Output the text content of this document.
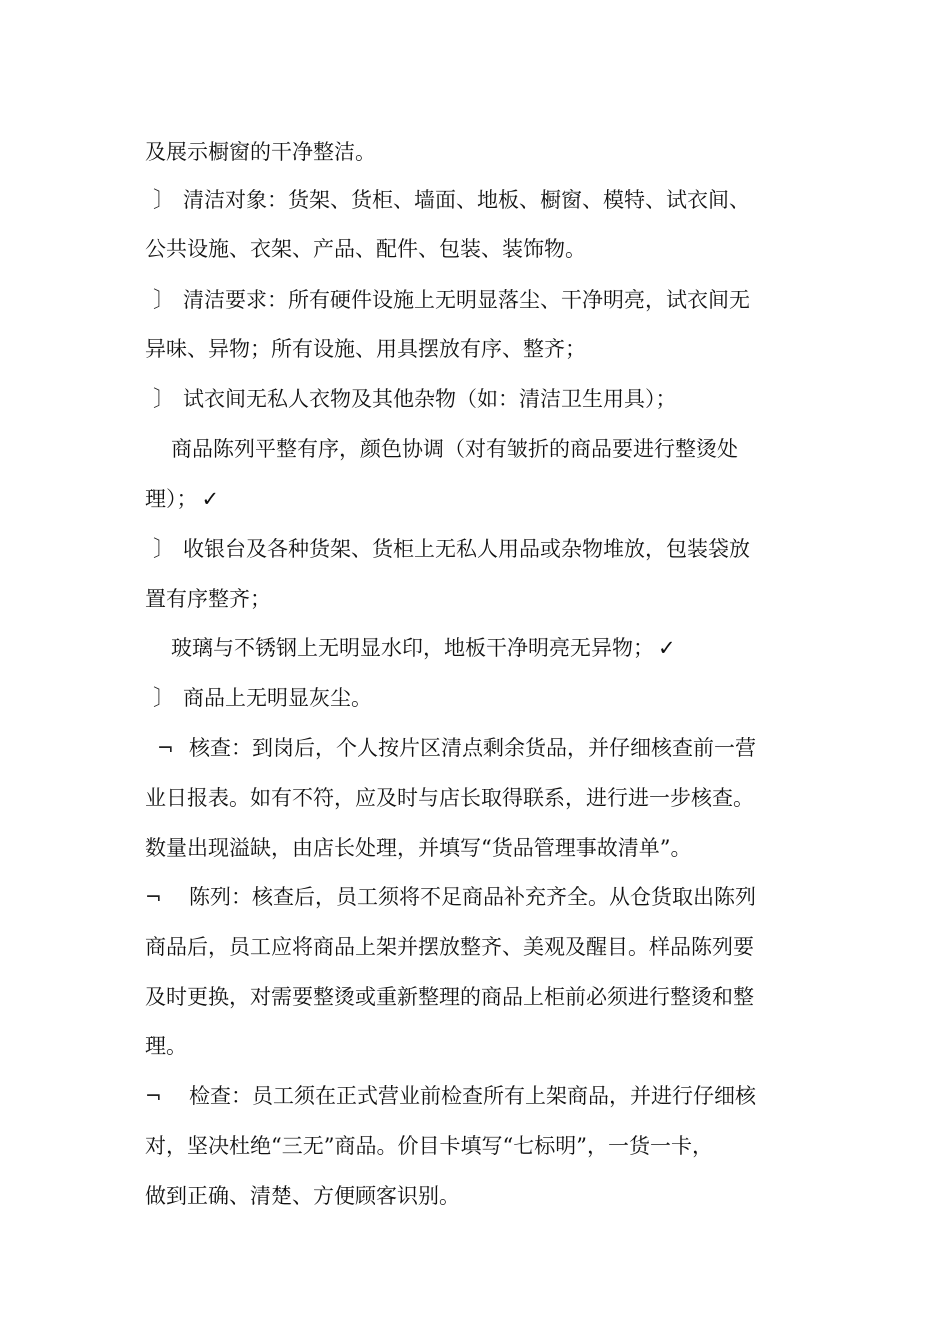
及展示橱窗的干净整洁。
〕 清洁对象：货架、货柜、墙面、地板、橱窗、模特、试衣间、
公共设施、衣架、产品、配件、包装、装饰物。
〕 清洁要求：所有硬件设施上无明显落尘、干净明亮，试衣间无
异味、异物；所有设施、用具摆放有序、整齐；
〕 试衣间无私人衣物及其他杂物（如：清洁卫生用具）；
商品陈列平整有序，颜色协调（对有皱折的商品要进行整烫处
理）； ✓
〕 收银台及各种货架、货柜上无私人用品或杂物堆放，包装袋放
置有序整齐；
玻璃与不锈钢上无明显水印，地板干净明亮无异物； ✓
〕 商品上无明显灰尘。
¬ 核查：到岗后，个人按片区清点剩余货品，并仔细核查前一营
业日报表。如有不符，应及时与店长取得联系，进行进一步核查。
数量出现溢缺，由店长处理，并填写“货品管理事故清单”。
¬ 陈列：核查后，员工须将不足商品补充齐全。从仓货取出陈列
商品后，员工应将商品上架并摆放整齐、美观及醒目。样品陈列要
及时更换，对需要整烫或重新整理的商品上柜前必须进行整烫和整
理。
¬ 检查：员工须在正式营业前检查所有上架商品，并进行仔细核
对，坚决杜绝“三无”商品。价目卡填写“七标明”，一货一卡，
做到正确、清楚、方便顾客识别。
